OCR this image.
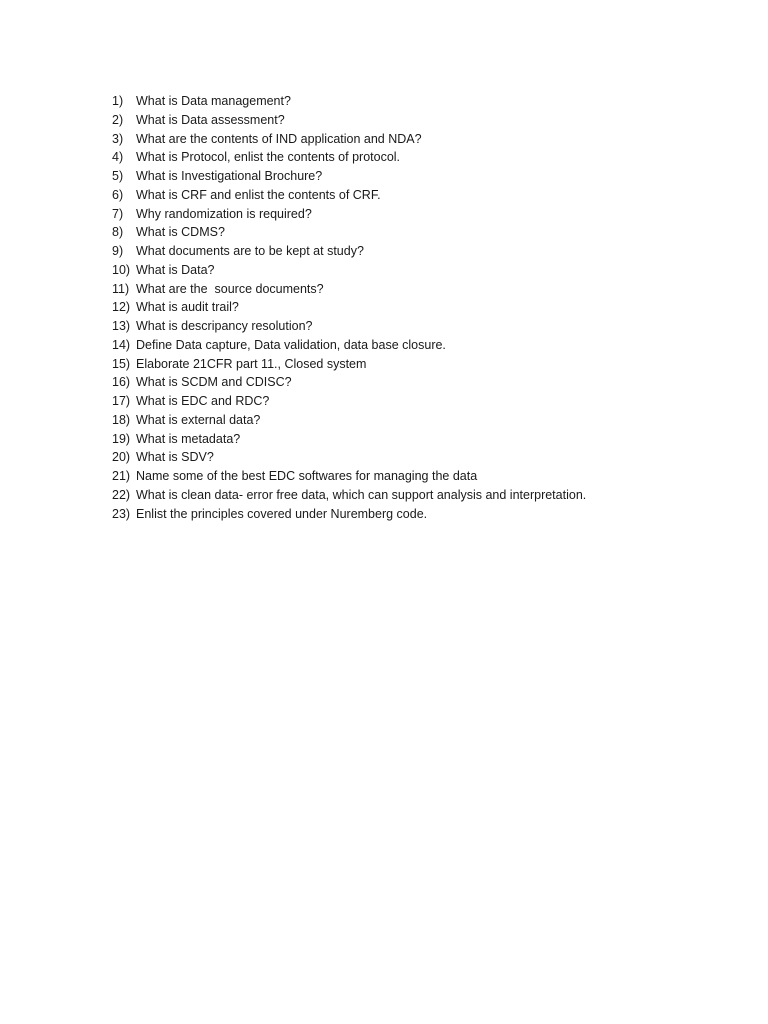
1)	What is Data management?
2)	What is Data assessment?
3)	What are the contents of IND application and NDA?
4)	What is Protocol, enlist the contents of protocol.
5)	What is Investigational Brochure?
6)	What is CRF and enlist the contents of CRF.
7)	Why randomization is required?
8)	What is CDMS?
9)	What documents are to be kept at study?
10) What is Data?
11) What are the  source documents?
12) What is audit trail?
13) What is descripancy resolution?
14) Define Data capture, Data validation, data base closure.
15) Elaborate 21CFR part 11., Closed system
16) What is SCDM and CDISC?
17) What is EDC and RDC?
18) What is external data?
19) What is metadata?
20) What is SDV?
21) Name some of the best EDC softwares for managing the data
22) What is clean data- error free data, which can support analysis and interpretation.
23) Enlist the principles covered under Nuremberg code.
